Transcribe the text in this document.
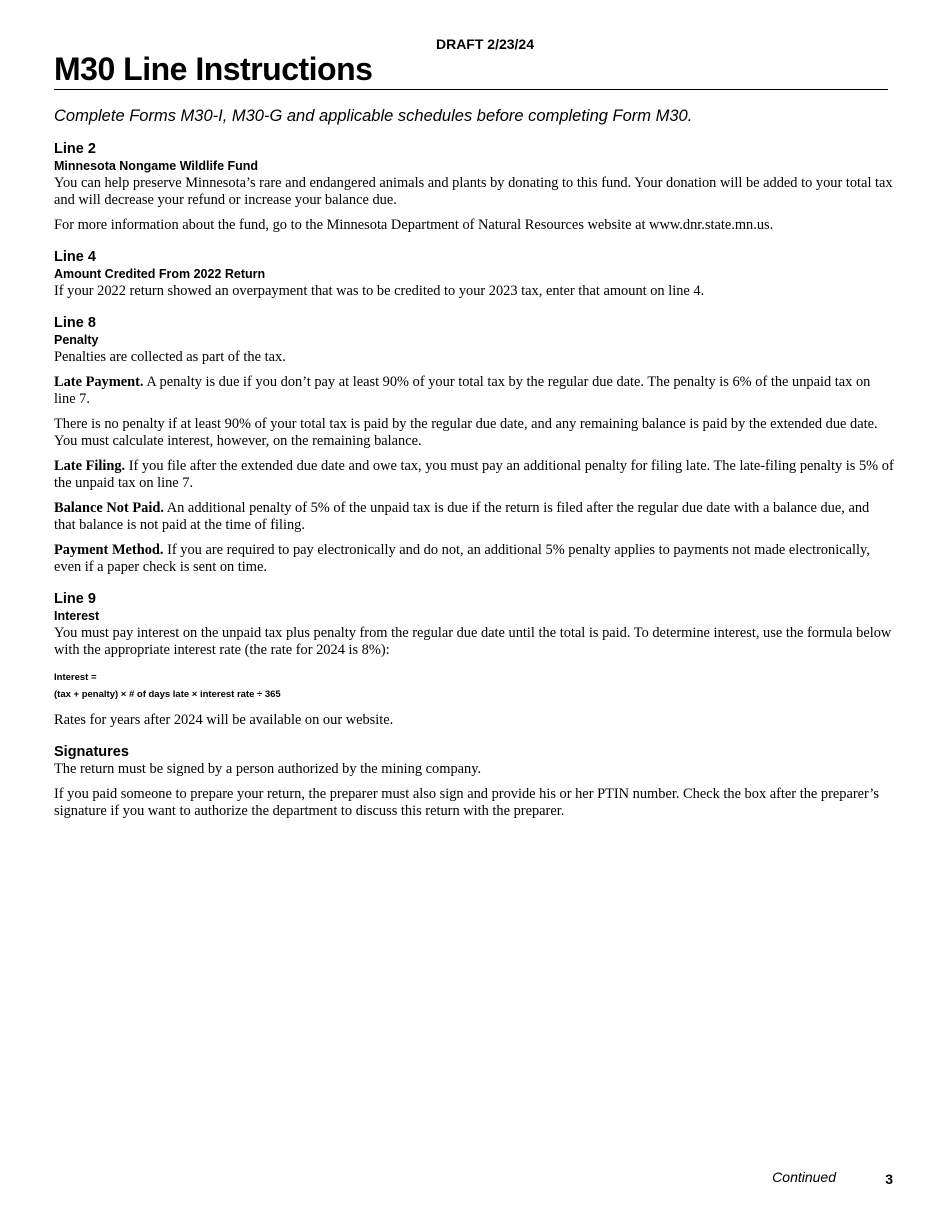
DRAFT 2/23/24
M30 Line Instructions
Complete Forms M30-I, M30-G and applicable schedules before completing Form M30.
Line 2
Minnesota Nongame Wildlife Fund

You can help preserve Minnesota’s rare and endangered animals and plants by donating to this fund. Your donation will be added to your total tax and will decrease your refund or increase your balance due.

For more information about the fund, go to the Minnesota Department of Natural Resources website at www.dnr.state.mn.us.

Line 4
Amount Credited From 2022 Return

If your 2022 return showed an overpayment that was to be credited to your 2023 tax, enter that amount on line 4.

Line 8
Penalty

Penalties are collected as part of the tax.

Late Payment. A penalty is due if you don’t pay at least 90% of your total tax by the regular due date. The penalty is 6% of the unpaid tax on line 7.

There is no penalty if at least 90% of your total tax is paid by the regular due date, and any remaining balance is paid by the extended due date. You must calculate interest, however, on the remaining balance.

Late Filing. If you file after the extended due date and owe tax, you must pay an additional penalty for filing late. The late-filing penalty is 5% of the unpaid tax on line 7.

Balance Not Paid. An additional penalty of 5% of the unpaid tax is due if the return is filed after the regular due date with a balance due, and that balance is not paid at the time of filing.

Payment Method. If you are required to pay electronically and do not, an additional 5% penalty applies to payments not made electronically, even if a paper check is sent on time.

Line 9
Interest

You must pay interest on the unpaid tax plus penalty from the regular due date until the total is paid. To determine interest, use the formula below with the appropriate interest rate (the rate for 2024 is 8%):

Interest =
(tax + penalty) × # of days late × interest rate ÷ 365

Rates for years after 2024 will be available on our website.

Signatures

The return must be signed by a person authorized by the mining company.

If you paid someone to prepare your return, the preparer must also sign and provide his or her PTIN number. Check the box after the preparer’s signature if you want to authorize the department to discuss this return with the preparer.

Continued	3
